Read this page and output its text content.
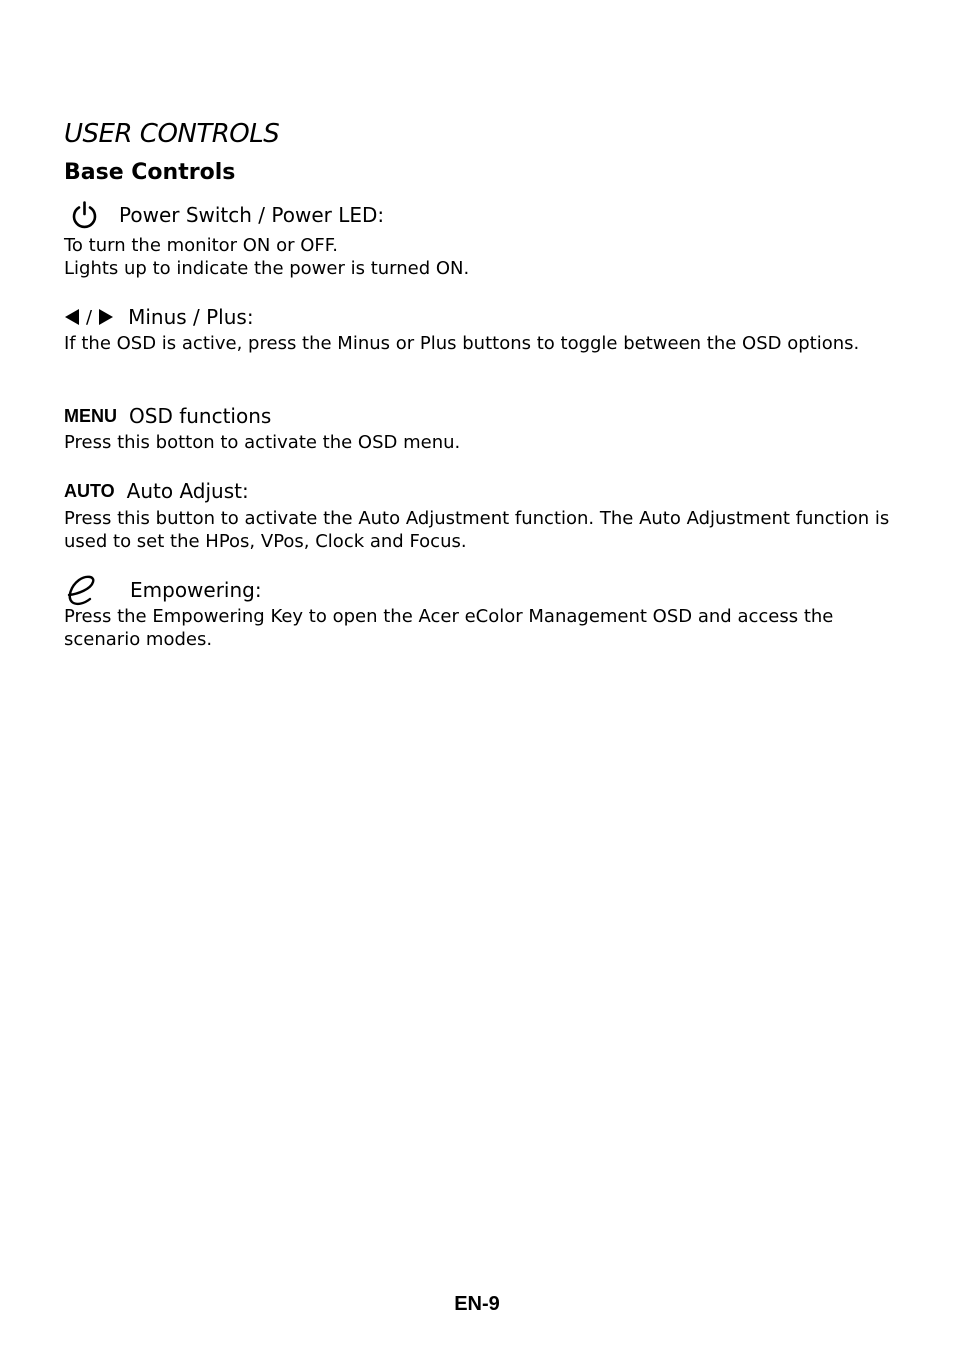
USER CONTROLS
Base Controls
Power Switch / Power LED:
To turn the monitor ON or OFF.
Lights up to indicate the power is turned ON.
/ Minus / Plus:
If the OSD is active, press the Minus or Plus buttons to toggle between the OSD options.
MENU OSD functions
Press this botton to activate the OSD menu.
AUTO Auto Adjust:
Press this button to activate the Auto Adjustment function. The Auto Adjustment function is used to set the HPos, VPos, Clock and Focus.
Empowering:
Press the Empowering Key to open the Acer eColor Management OSD and access the scenario modes.
EN-9
